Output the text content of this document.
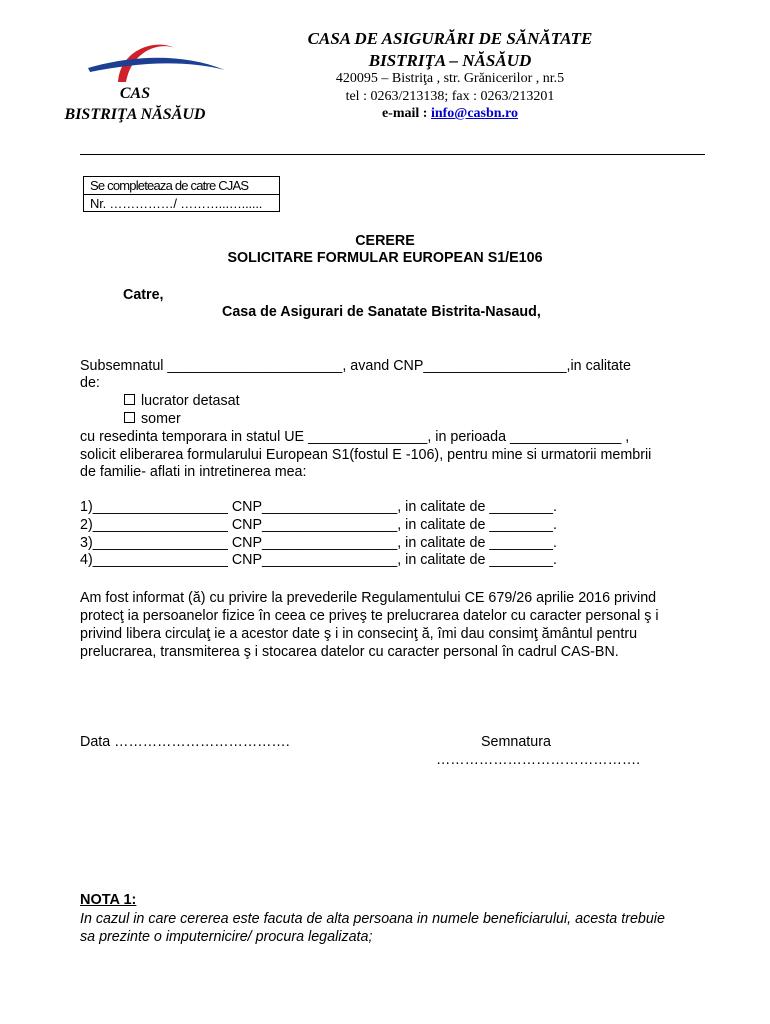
CAS
BISTRIŢA NĂSĂUD
CASA DE ASIGURĂRI DE SĂNĂTATE
BISTRIŢA – NĂSĂUD
420095 – Bistriţa , str. Grănicerilor , nr.5
tel : 0263/213138; fax : 0263/213201
e-mail : info@casbn.ro
Se completeaza de catre CJAS
Nr. ……………/ ………...…......
CERERE
SOLICITARE FORMULAR EUROPEAN S1/E106
Catre,
Casa de Asigurari de Sanatate Bistrita-Nasaud,
Subsemnatul ______________________, avand CNP__________________,in calitate
de:
lucrator detasat
somer
cu resedinta temporara in statul UE _______________, in perioada ______________ ,
solicit eliberarea formularului European S1(fostul E -106), pentru mine si urmatorii membrii
de familie- aflati in intretinerea mea:
1)_________________ CNP_________________, in calitate de ________.
2)_________________ CNP_________________, in calitate de ________.
3)_________________ CNP_________________, in calitate de ________.
4)_________________ CNP_________________, in calitate de ________.
Am fost informat (ă) cu privire la prevederile Regulamentului CE 679/26 aprilie 2016 privind
protecţ ia persoanelor fizice în ceea ce priveş te prelucrarea datelor cu caracter personal ş i
privind libera circulaţ ie a acestor date ş i in consecinţ ă, îmi dau consimţ ământul pentru
prelucrarea, transmiterea ş i stocarea datelor cu caracter personal în cadrul CAS-BN.
Data ……………………………….	Semnatura
…………………………………….
NOTA 1:
In cazul in care cererea este facuta de alta persoana in numele beneficiarului, acesta trebuie
sa prezinte o imputernicire/ procura legalizata;
